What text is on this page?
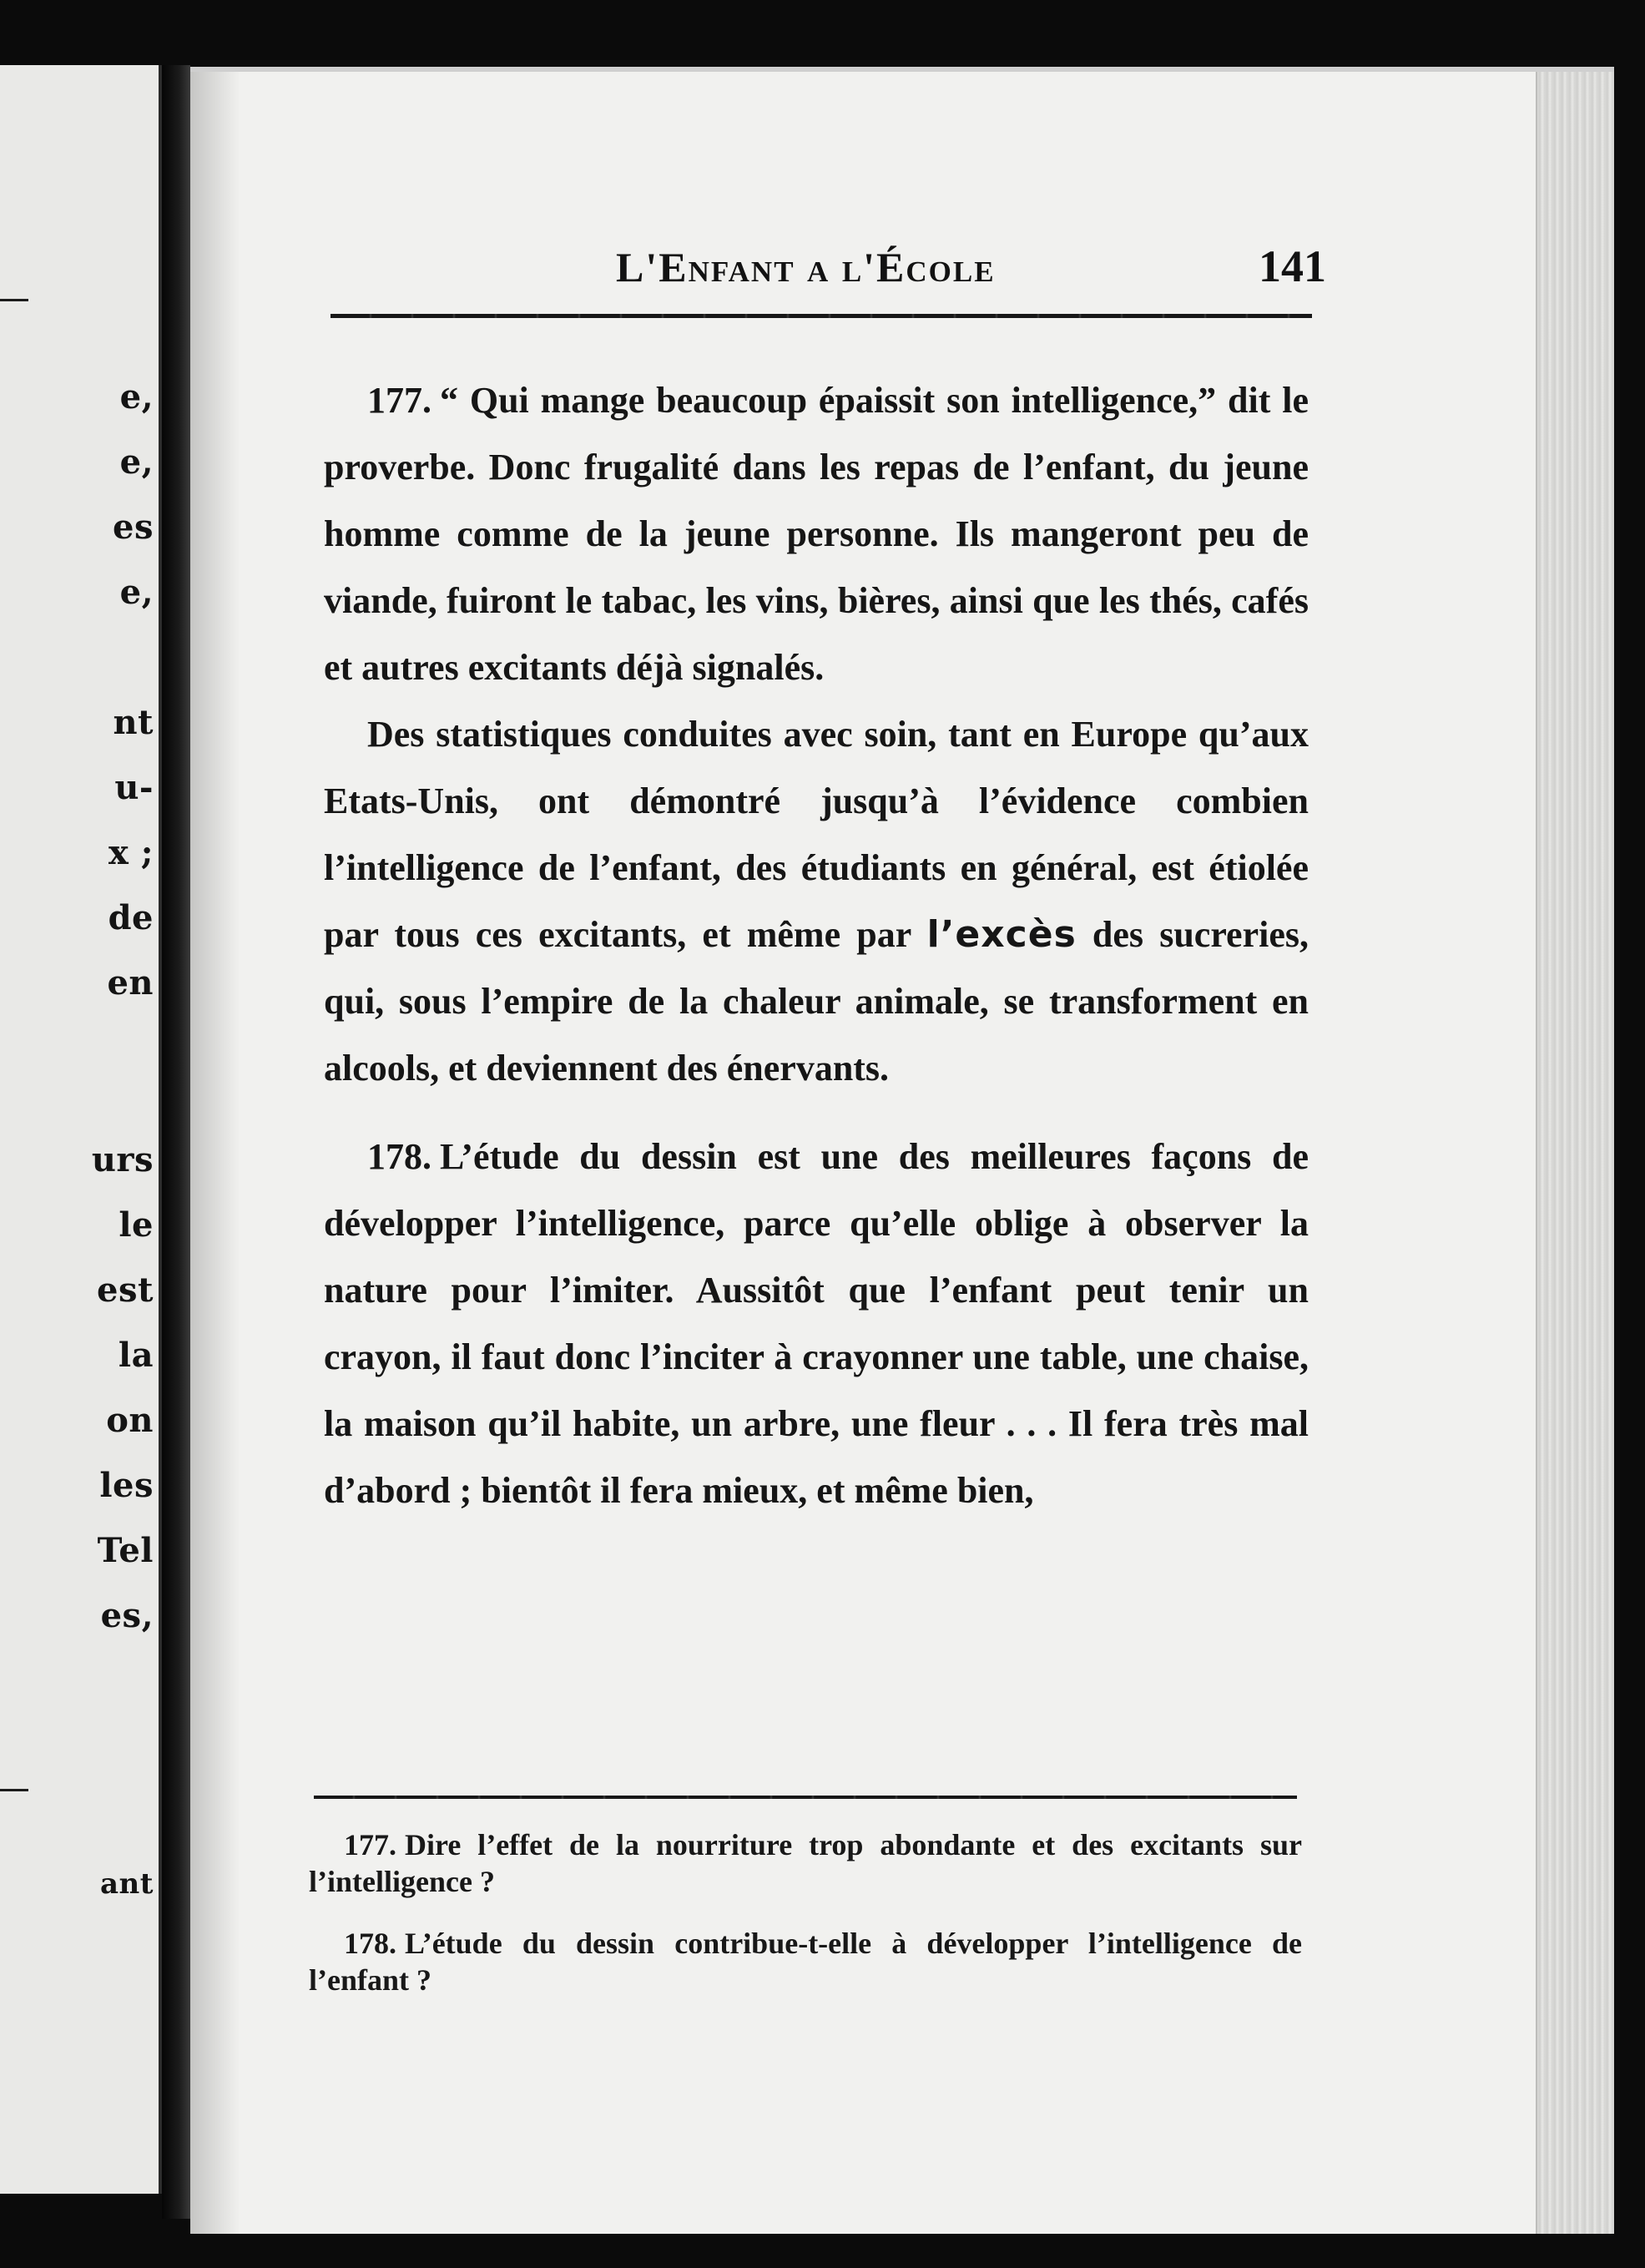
e,
e,
es
e,
nt
u-
x ;
de
en
urs
le
est
la
on
les
Tel
es,
ant
L'Enfant a l'École	141

177. “ Qui mange beaucoup épaissit son intelligence,” dit le proverbe. Donc frugalité dans les repas de l’enfant, du jeune homme comme de la jeune personne. Ils mangeront peu de viande, fuiront le tabac, les vins, bières, ainsi que les thés, cafés et autres excitants déjà signalés.

Des statistiques conduites avec soin, tant en Europe qu’aux Etats-Unis, ont démontré jusqu’à l’évidence combien l’intelligence de l’enfant, des étudiants en général, est étiolée par tous ces excitants, et même par l’excès des sucreries, qui, sous l’empire de la chaleur animale, se transforment en alcools, et deviennent des énervants.

178. L’étude du dessin est une des meilleures façons de développer l’intelligence, parce qu’elle oblige à observer la nature pour l’imiter. Aussitôt que l’enfant peut tenir un crayon, il faut donc l’inciter à crayonner une table, une chaise, la maison qu’il habite, un arbre, une fleur . . . Il fera très mal d’abord ; bientôt il fera mieux, et même bien,

177. Dire l’effet de la nourriture trop abondante et des excitants sur l’intelligence ?

178. L’étude du dessin contribue-t-elle à développer l’intelligence de l’enfant ?
